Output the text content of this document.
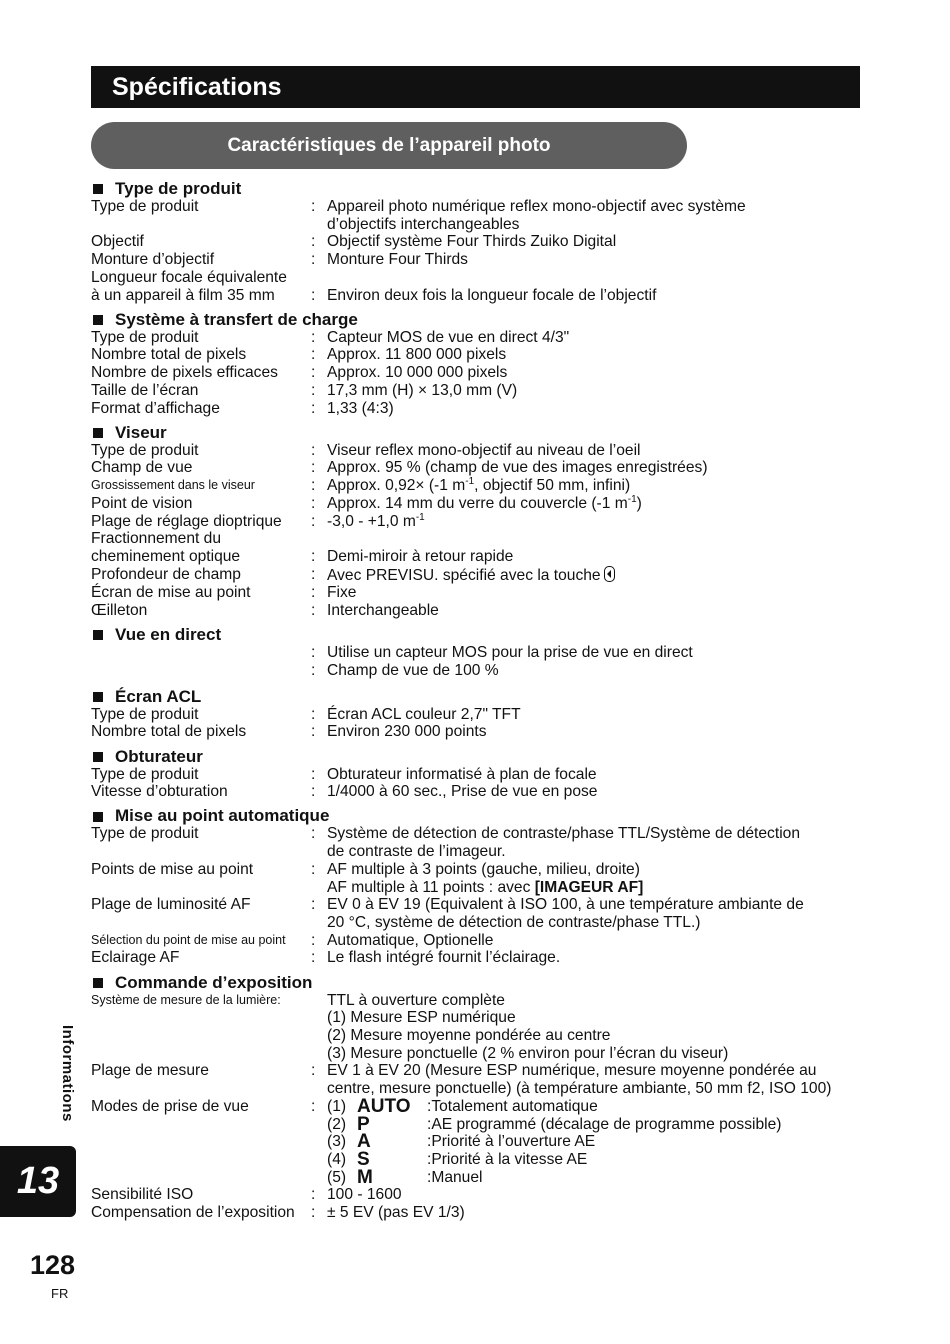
Spécifications
Caractéristiques de l’appareil photo
Type de produit
Type de produit	: Appareil photo numérique reflex mono-objectif avec système
d’objectifs interchangeables
Objectif	: Objectif système Four Thirds Zuiko Digital
Monture d’objectif	: Monture Four Thirds
Longueur focale équivalente
à un appareil à film 35 mm	: Environ deux fois la longueur focale de l’objectif
Système à transfert de charge
Type de produit	: Capteur MOS de vue en direct 4/3"
Nombre total de pixels	: Approx. 11 800 000 pixels
Nombre de pixels efficaces	: Approx. 10 000 000 pixels
Taille de l’écran	: 17,3 mm (H) × 13,0 mm (V)
Format d’affichage	: 1,33 (4:3)
Viseur
Type de produit	: Viseur reflex mono-objectif au niveau de l’oeil
Champ de vue	: Approx. 95 % (champ de vue des images enregistrées)
Grossissement dans le viseur	: Approx. 0,92× (-1 $m^{-1}$, objectif 50 mm, infini)
Point de vision	: Approx. 14 mm du verre du couvercle (-1 $m^{-1}$)
Plage de réglage dioptrique	: -3,0 - +1,0 $m^{-1}$
Fractionnement du
cheminement optique	: Demi-miroir à retour rapide
Profondeur de champ	: Avec PREVISU. spécifié avec la touche
Écran de mise au point	: Fixe
Œilleton	: Interchangeable
Vue en direct
: Utilise un capteur MOS pour la prise de vue en direct
: Champ de vue de 100 %
Écran ACL
Type de produit	: Écran ACL couleur 2,7" TFT
Nombre total de pixels	: Environ 230 000 points
Obturateur
Type de produit	: Obturateur informatisé à plan de focale
Vitesse d’obturation	: 1/4000 à 60 sec., Prise de vue en pose
Mise au point automatique
Type de produit	: Système de détection de contraste/phase TTL/Système de détection
de contraste de l’imageur.
Points de mise au point	: AF multiple à 3 points (gauche, milieu, droite)
AF multiple à 11 points : avec [IMAGEUR AF]
Plage de luminosité AF	: EV 0 à EV 19 (Equivalent à ISO 100, à une température ambiante de
20 °C, système de détection de contraste/phase TTL.)
Sélection du point de mise au point	: Automatique, Optionelle
Eclairage AF	: Le flash intégré fournit l’éclairage.
Commande d’exposition
Système de mesure de la lumière:	TTL à ouverture complète
(1) Mesure ESP numérique
(2) Mesure moyenne pondérée au centre
(3) Mesure ponctuelle (2 % environ pour l’écran du viseur)
Plage de mesure	: EV 1 à EV 20 (Mesure ESP numérique, mesure moyenne pondérée au
centre, mesure ponctuelle) (à température ambiante, 50 mm f2, ISO 100)
Modes de prise de vue	: (1) AUTO	:Totalement automatique
(2) P	:AE programmé (décalage de programme possible)
(3) A	:Priorité à l’ouverture AE
(4) S	:Priorité à la vitesse AE
(5) M	:Manuel
Sensibilité ISO	: 100 - 1600
Compensation de l’exposition	: ± 5 EV (pas EV 1/3)
Informations
13
128
FR
